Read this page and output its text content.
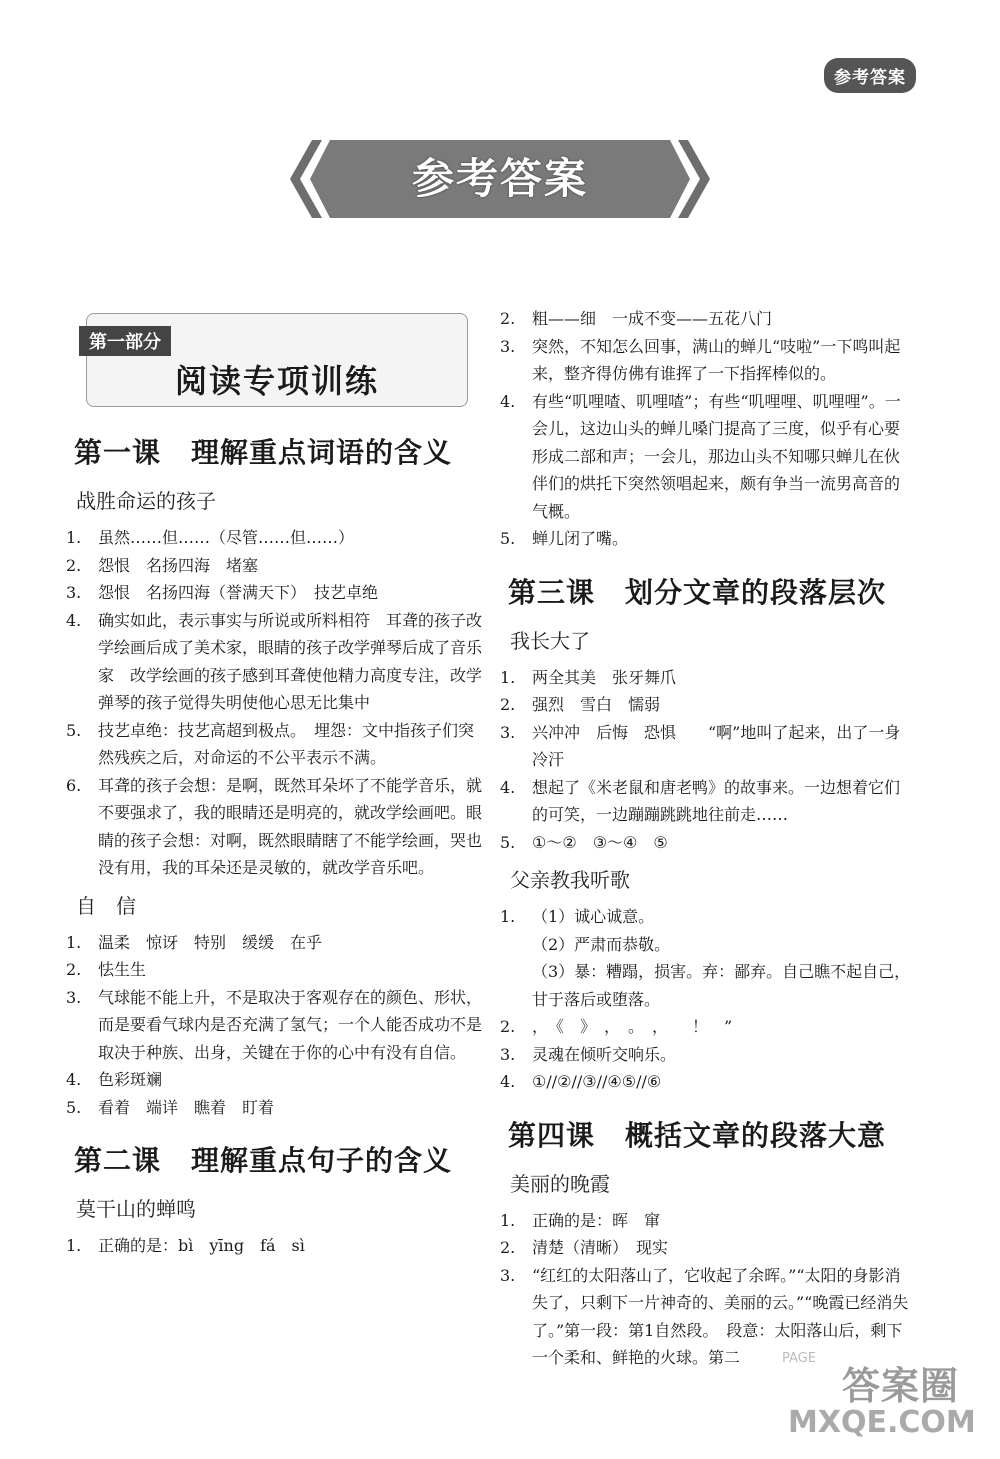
参考答案
参考答案
第一部分
阅读专项训练
第一课 理解重点词语的含义
战胜命运的孩子
1. 虽然……但……（尽管……但……）
2. 怨恨　名扬四海　堵塞
3. 怨恨　名扬四海（誉满天下）　技艺卓绝
4. 确实如此，表示事实与所说或所料相符　耳聋的孩子改学绘画后成了美术家，眼睛的孩子改学弹琴后成了音乐家　改学绘画的孩子感到耳聋使他精力高度专注，改学弹琴的孩子觉得失明使他心思无比集中
5. 技艺卓绝：技艺高超到极点。　埋怨：文中指孩子们突然残疾之后，对命运的不公平表示不满。
6. 耳聋的孩子会想：是啊，既然耳朵坏了不能学音乐，就不要强求了，我的眼睛还是明亮的，就改学绘画吧。眼睛的孩子会想：对啊，既然眼睛瞎了不能学绘画，哭也没有用，我的耳朵还是灵敏的，就改学音乐吧。
自　信
1. 温柔　惊讶　特别　缓缓　在乎
2. 怯生生
3. 气球能不能上升，不是取决于客观存在的颜色、形状，而是要看气球内是否充满了氢气；一个人能否成功不是取决于种族、出身，关键在于你的心中有没有自信。
4. 色彩斑斓
5. 看着　端详　瞧着　盯着
第二课 理解重点句子的含义
莫干山的蝉鸣
1. 正确的是：bì　yīng　fá　sì
2. 粗——细　一成不变——五花八门
3. 突然，不知怎么回事，满山的蝉儿“吱啦”一下鸣叫起来，整齐得仿佛有谁挥了一下指挥棒似的。
4. 有些“叽哩喳、叽哩喳”；有些“叽哩哩、叽哩哩”。一会儿，这边山头的蝉儿嗓门提高了三度，似乎有心要形成二部和声；一会儿，那边山头不知哪只蝉儿在伙伴们的烘托下突然领唱起来，颇有争当一流男高音的气概。
5. 蝉儿闭了嘴。
第三课 划分文章的段落层次
我长大了
1. 两全其美　张牙舞爪
2. 强烈　雪白　懦弱
3. 兴冲冲　后悔　恐惧　　“啊”地叫了起来，出了一身冷汗
4. 想起了《米老鼠和唐老鸭》的故事来。一边想着它们的可笑，一边蹦蹦跳跳地往前走……
5. ①～②　③～④　⑤
父亲教我听歌
1. （1）诚心诚意。
（2）严肃而恭敬。
（3）暴：糟蹋，损害。弃：鄙弃。自己瞧不起自己，甘于落后或堕落。
2. ，　《　》　，　。　，　　！　”
3. 灵魂在倾听交响乐。
4. ①//②//③//④⑤//⑥
第四课 概括文章的段落大意
美丽的晚霞
1. 正确的是：晖　窜
2. 清楚（清晰）　现实
3. “红红的太阳落山了，它收起了余晖。”“太阳的身影消失了，只剩下一片神奇的、美丽的云。”“晚霞已经消失了。”第一段：第1自然段。　段意：太阳落山后，剩下一个柔和、鲜艳的火球。第二	PAGE
答案圈
MXQE.COM
